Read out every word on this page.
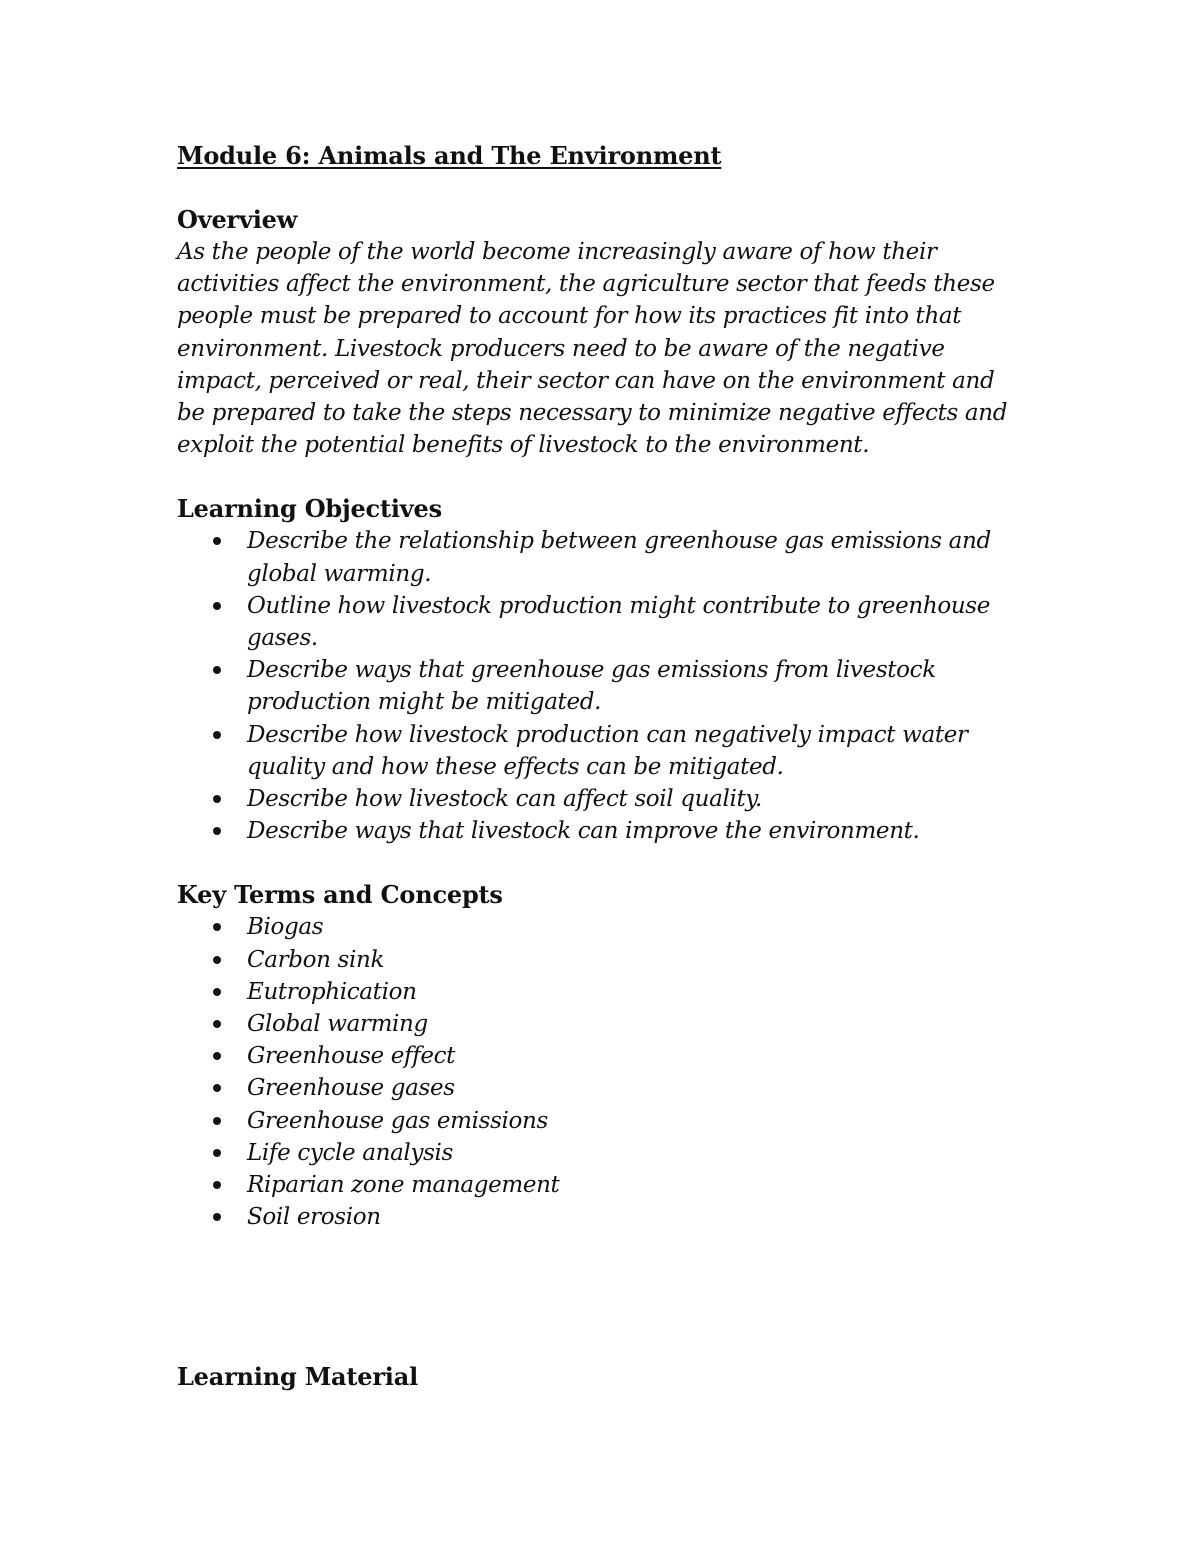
Module 6: Animals and The Environment
Overview

As the people of the world become increasingly aware of how their activities affect the environment, the agriculture sector that feeds these people must be prepared to account for how its practices fit into that environment. Livestock producers need to be aware of the negative impact, perceived or real, their sector can have on the environment and be prepared to take the steps necessary to minimize negative effects and exploit the potential benefits of livestock to the environment.

Learning Objectives
Describe the relationship between greenhouse gas emissions and global warming.
Outline how livestock production might contribute to greenhouse gases.
Describe ways that greenhouse gas emissions from livestock production might be mitigated.
Describe how livestock production can negatively impact water quality and how these effects can be mitigated.
Describe how livestock can affect soil quality.
Describe ways that livestock can improve the environment.
Key Terms and Concepts
Biogas
Carbon sink
Eutrophication
Global warming
Greenhouse effect
Greenhouse gases
Greenhouse gas emissions
Life cycle analysis
Riparian zone management
Soil erosion
Learning Material
